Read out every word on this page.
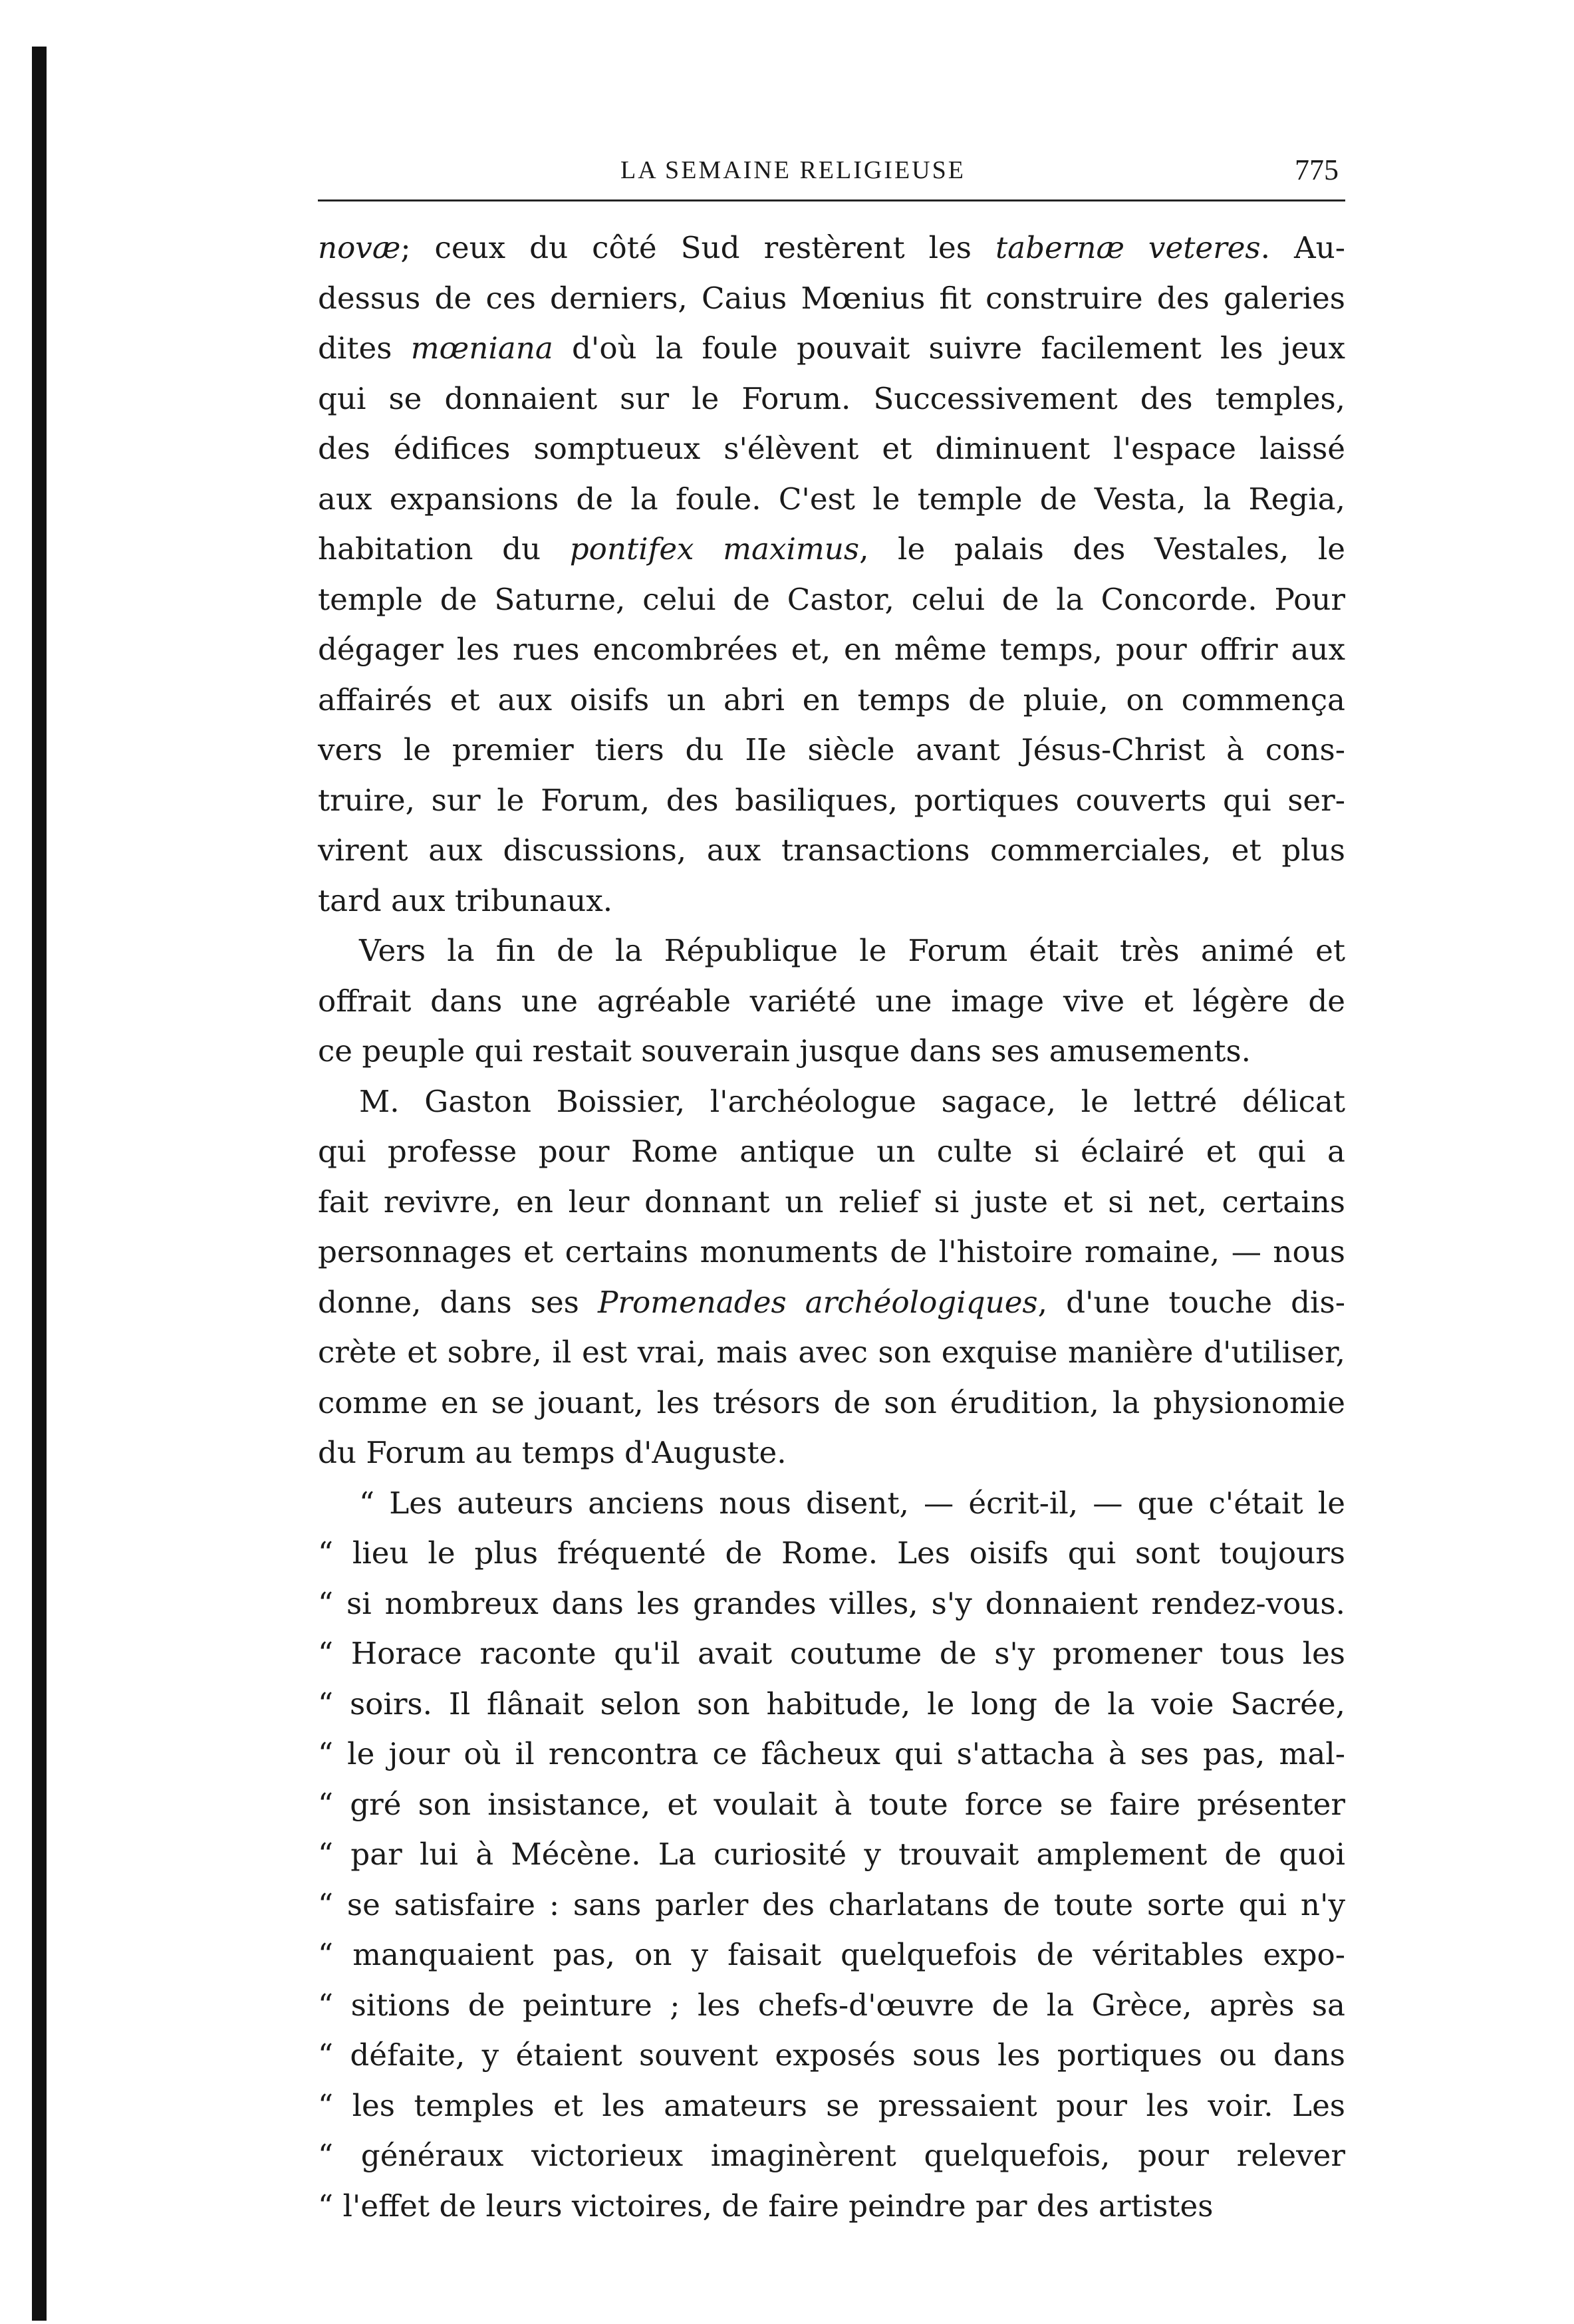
LA SEMAINE RELIGIEUSE	775
novæ; ceux du côté Sud restèrent les tabernæ veteres. Au-
dessus de ces derniers, Caius Mœnius fit construire des galeries
dites mœniana d'où la foule pouvait suivre facilement les jeux
qui se donnaient sur le Forum. Successivement des temples,
des édifices somptueux s'élèvent et diminuent l'espace laissé
aux expansions de la foule. C'est le temple de Vesta, la Regia,
habitation du pontifex maximus, le palais des Vestales, le
temple de Saturne, celui de Castor, celui de la Concorde. Pour
dégager les rues encombrées et, en même temps, pour offrir aux
affairés et aux oisifs un abri en temps de pluie, on commença
vers le premier tiers du IIe siècle avant Jésus-Christ à cons-
truire, sur le Forum, des basiliques, portiques couverts qui ser-
virent aux discussions, aux transactions commerciales, et plus
tard aux tribunaux.
Vers la fin de la République le Forum était très animé et
offrait dans une agréable variété une image vive et légère de
ce peuple qui restait souverain jusque dans ses amusements.
M. Gaston Boissier, l'archéologue sagace, le lettré délicat
qui professe pour Rome antique un culte si éclairé et qui a
fait revivre, en leur donnant un relief si juste et si net, certains
personnages et certains monuments de l'histoire romaine, — nous
donne, dans ses Promenades archéologiques, d'une touche dis-
crète et sobre, il est vrai, mais avec son exquise manière d'utiliser,
comme en se jouant, les trésors de son érudition, la physionomie
du Forum au temps d'Auguste.
“ Les auteurs anciens nous disent, — écrit-il, — que c'était le
“ lieu le plus fréquenté de Rome. Les oisifs qui sont toujours
“ si nombreux dans les grandes villes, s'y donnaient rendez-vous.
“ Horace raconte qu'il avait coutume de s'y promener tous les
“ soirs. Il flânait selon son habitude, le long de la voie Sacrée,
“ le jour où il rencontra ce fâcheux qui s'attacha à ses pas, mal-
“ gré son insistance, et voulait à toute force se faire présenter
“ par lui à Mécène. La curiosité y trouvait amplement de quoi
“ se satisfaire : sans parler des charlatans de toute sorte qui n'y
“ manquaient pas, on y faisait quelquefois de véritables expo-
“ sitions de peinture ; les chefs-d'œuvre de la Grèce, après sa
“ défaite, y étaient souvent exposés sous les portiques ou dans
“ les temples et les amateurs se pressaient pour les voir. Les
“ généraux victorieux imaginèrent quelquefois, pour relever
“ l'effet de leurs victoires, de faire peindre par des artistes
